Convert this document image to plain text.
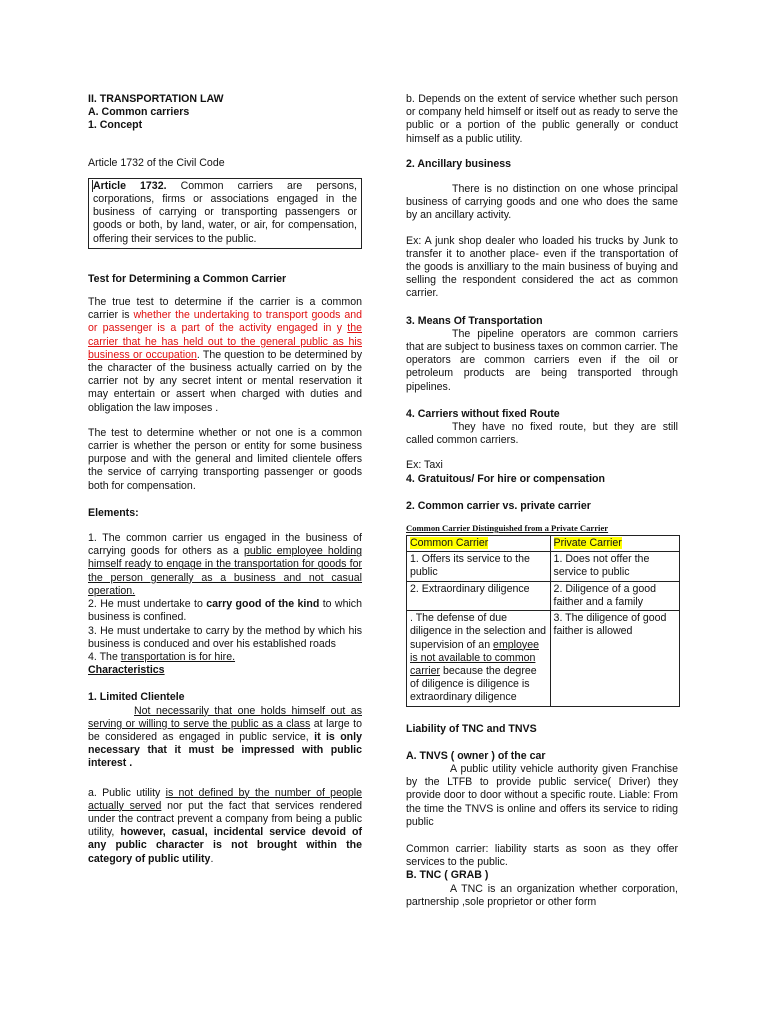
II. TRANSPORTATION LAW

A. Common carriers

1. Concept

Article 1732 of the Civil Code

Article 1732. Common carriers are persons, corporations, firms or associations engaged in the business of carrying or transporting passengers or goods or both, by land, water, or air, for compensation, offering their services to the public.

Test for Determining a Common Carrier

The true test to determine if the carrier is a common carrier is whether the undertaking to transport goods and or passenger is a part of the activity engaged in y the carrier that he has held out to the general public as his business or occupation. The question to be determined by the character of the business actually carried on by the carrier not by any secret intent or mental reservation it may entertain or assert when charged with duties and obligation the law imposes .

The test to determine whether or not one is a common carrier is whether the person or entity for some business purpose and with the general and limited clientele offers the service of carrying transporting passenger or goods both for compensation.

Elements:

1. The common carrier us engaged in the business of carrying goods for others as a public employee holding himself ready to engage in the transportation for goods for the person generally as a business and not casual operation.

2. He must undertake to carry good of the kind to which business is confined.

3. He must undertake to carry by the method by which his business is conduced and over his established roads

4. The transportation is for hire.

Characteristics

1. Limited Clientele

Not necessarily that one holds himself out as serving or willing to serve the public as a class at large to be considered as engaged in public service, it is only necessary that it must be impressed with public interest .

a. Public utility is not defined by the number of people actually served nor put the fact that services rendered under the contract prevent a company from being a public utility, however, casual, incidental service devoid of any public character is not brought within the category of public utility.

b. Depends on the extent of service whether such person or company held himself or itself out as ready to serve the public or a portion of the public generally or conduct himself as a public utility.

2. Ancillary business

There is no distinction on one whose principal business of carrying goods and one who does the same by an ancillary activity.

Ex: A junk shop dealer who loaded his trucks by Junk to transfer it to another place- even if the transportation of the goods is anxilliary to the main business of buying and selling the respondent considered the act as common carrier.

3. Means Of Transportation

The pipeline operators are common carriers that are subject to business taxes on common carrier. The operators are common carriers even if the oil or petroleum products are being transported through pipelines.

4. Carriers without fixed Route

They have no fixed route, but they are still called common carriers.

Ex: Taxi

4. Gratuitous/ For hire or compensation

2. Common carrier vs. private carrier

Common Carrier Distinguished from a Private Carrier

Common Carrier	Private Carrier
1. Offers its service to the public	1. Does not offer the service to public
2. Extraordinary diligence	2. Diligence of a good faither and a family
. The defense of due diligence in the selection and supervision of an employee is not available to common carrier because the degree of diligence is diligence is extraordinary diligence	3. The diligence of good faither is allowed

Liability of TNC and TNVS

A. TNVS ( owner ) of the car

A public utility vehicle authority given Franchise by the LTFB to provide public service( Driver) they provide door to door without a specific route. Liable: From the time the TNVS is online and offers its service to riding public

Common carrier: liability starts as soon as they offer services to the public.

B. TNC ( GRAB )

A TNC is an organization whether corporation, partnership ,sole proprietor or other form
